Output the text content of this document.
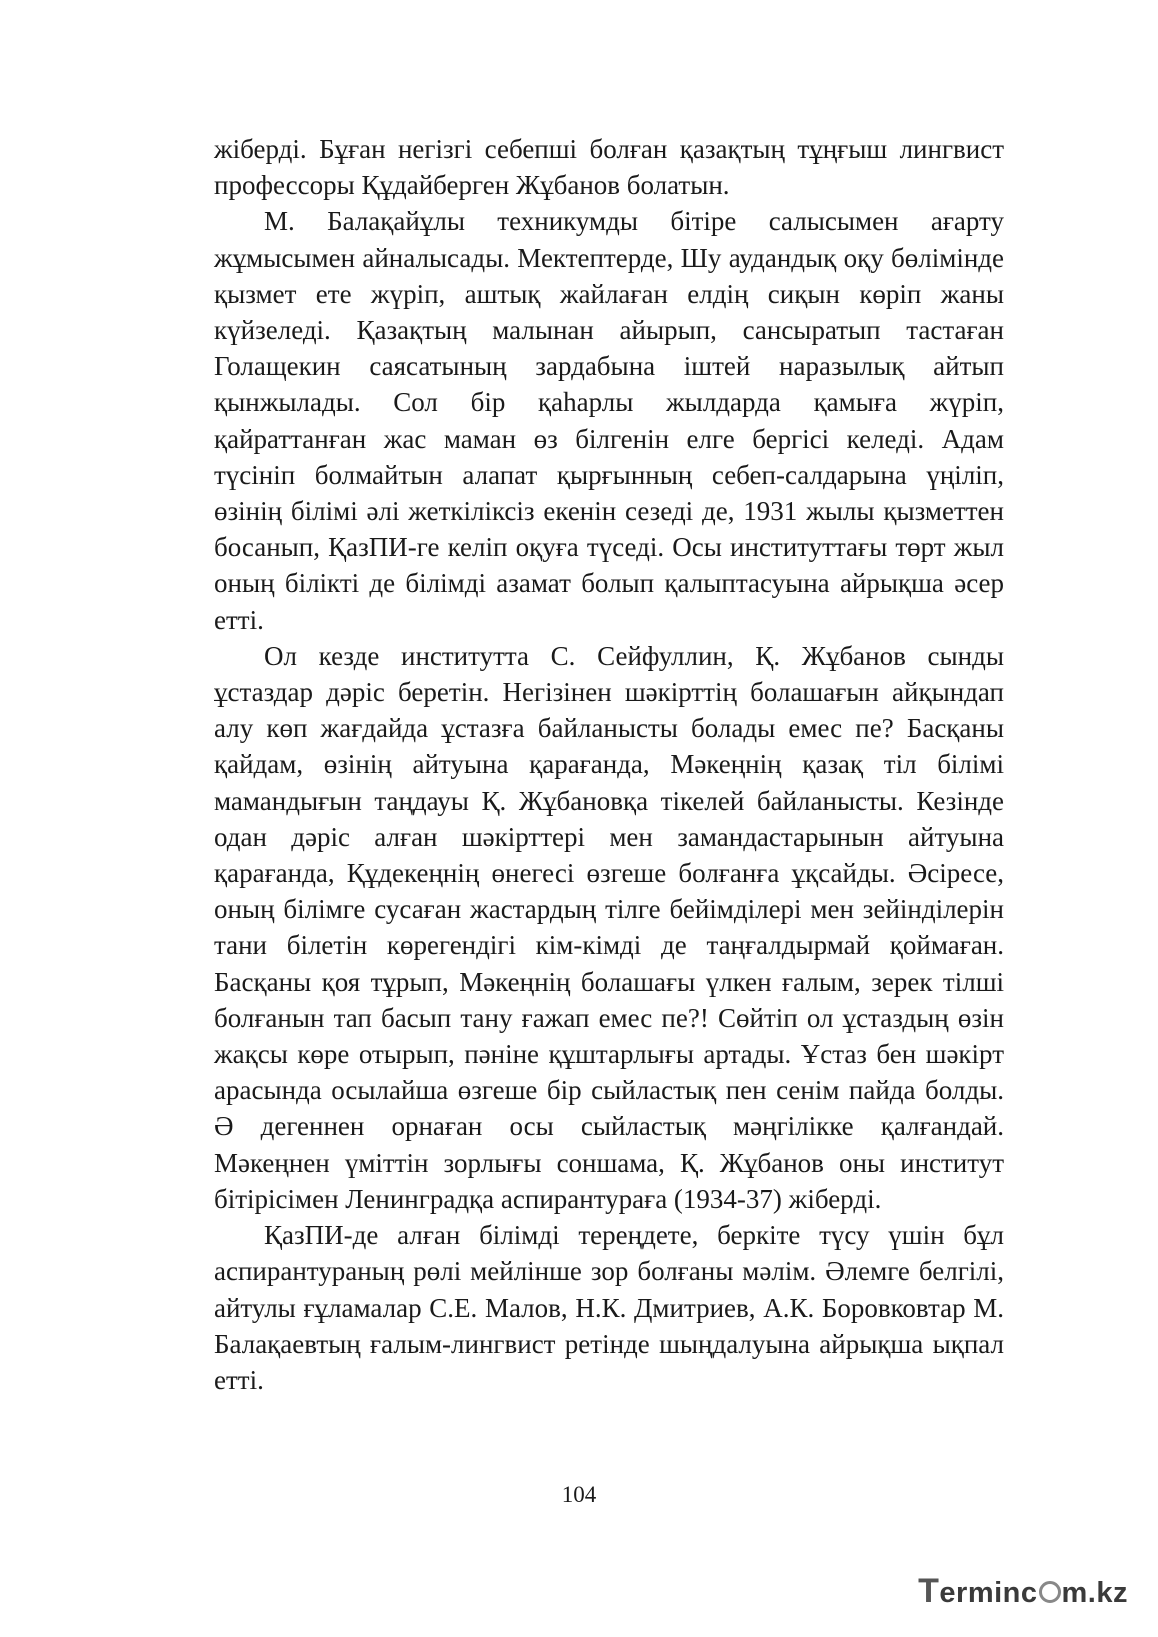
жіберді. Бұған негізгі себепші болған қазақтың тұңғыш лингвист профессоры Құдайберген Жұбанов болатын.

М. Балақайұлы техникумды бітіре салысымен ағарту жұмысымен айналысады. Мектептерде, Шу аудандық оқу бөлімінде қызмет ете жүріп, аштық жайлаған елдің сиқын көріп жаны күйзеледі. Қазақтың малынан айырып, сансыратып тастаған Голащекин саясатының зардабына іштей наразылық айтып қынжылады. Сол бір қаһарлы жылдарда қамыға жүріп, қайраттанған жас маман өз білгенін елге бергісі келеді. Адам түсініп болмайтын алапат қырғынның себеп-салдарына үңіліп, өзінің білімі әлі жеткіліксіз екенін сезеді де, 1931 жылы қызметтен босанып, ҚазПИ-ге келіп оқуға түседі. Осы институттағы төрт жыл оның білікті де білімді азамат болып қалыптасуына айрықша әсер етті.

Ол кезде институтта С. Сейфуллин, Қ. Жұбанов сынды ұстаздар дәріс беретін. Негізінен шәкірттің болашағын айқындап алу көп жағдайда ұстазға байланысты болады емес пе? Басқаны қайдам, өзінің айтуына қарағанда, Мәкеңнің қазақ тіл білімі мамандығын таңдауы Қ. Жұбановқа тікелей байланысты. Кезінде одан дәріс алған шәкірттері мен замандастарынын айтуына қарағанда, Құдекеңнің өнегесі өзгеше болғанға ұқсайды. Әсіресе, оның білімге сусаған жастардың тілге бейімділері мен зейінділерін тани білетін көрегендігі кім-кімді де таңғалдырмай қоймаған. Басқаны қоя тұрып, Мәкеңнің болашағы үлкен ғалым, зерек тілші болғанын тап басып тану ғажап емес пе?! Сөйтіп ол ұстаздың өзін жақсы көре отырып, пәніне құштарлығы артады. Ұстаз бен шәкірт арасында осылайша өзгеше бір сыйластық пен сенім пайда болды. Ә дегеннен орнаған осы сыйластық мәңгілікке қалғандай. Мәкеңнен үміттін зорлығы соншама, Қ. Жұбанов оны институт бітірісімен Ленинградқа аспирантураға (1934-37) жіберді.

ҚазПИ-де алған білімді тереңдете, беркіте түсу үшін бұл аспирантураның рөлі мейлінше зор болғаны мәлім. Әлемге белгілі, айтулы ғұламалар С.Е. Малов, Н.К. Дмитриев, А.К. Боровковтар М. Балақаевтың ғалым-лингвист ретінде шыңдалуына айрықша ықпал етті.

104
Terminc m.kz
